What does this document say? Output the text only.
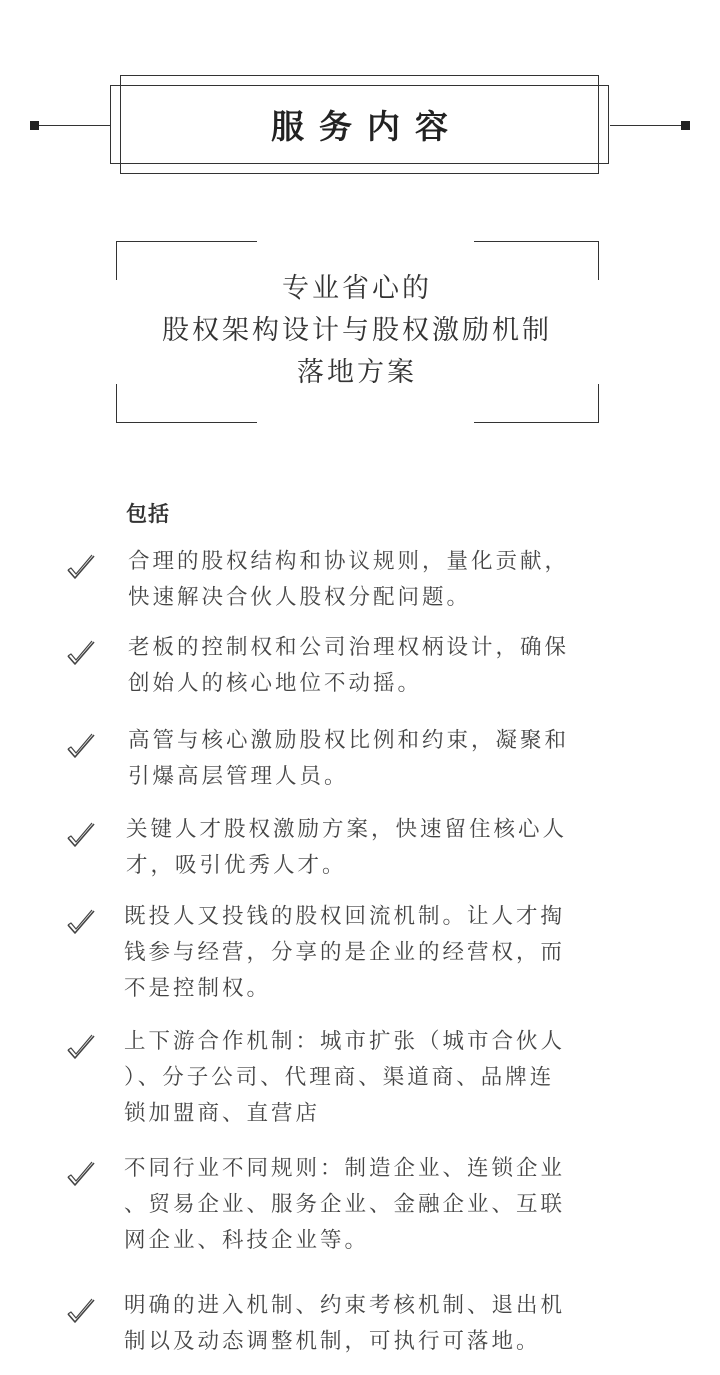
服务内容
专业省心的
股权架构设计与股权激励机制
落地方案
包括
合理的股权结构和协议规则，量化贡献，
快速解决合伙人股权分配问题。
老板的控制权和公司治理权柄设计，确保
创始人的核心地位不动摇。
高管与核心激励股权比例和约束，凝聚和
引爆高层管理人员。
关键人才股权激励方案，快速留住核心人
才，吸引优秀人才。
既投人又投钱的股权回流机制。让人才掏
钱参与经营，分享的是企业的经营权，而
不是控制权。
上下游合作机制：城市扩张（城市合伙人
）、分子公司、代理商、渠道商、品牌连
锁加盟商、直营店
不同行业不同规则：制造企业、连锁企业
、贸易企业、服务企业、金融企业、互联
网企业、科技企业等。
明确的进入机制、约束考核机制、退出机
制以及动态调整机制，可执行可落地。
